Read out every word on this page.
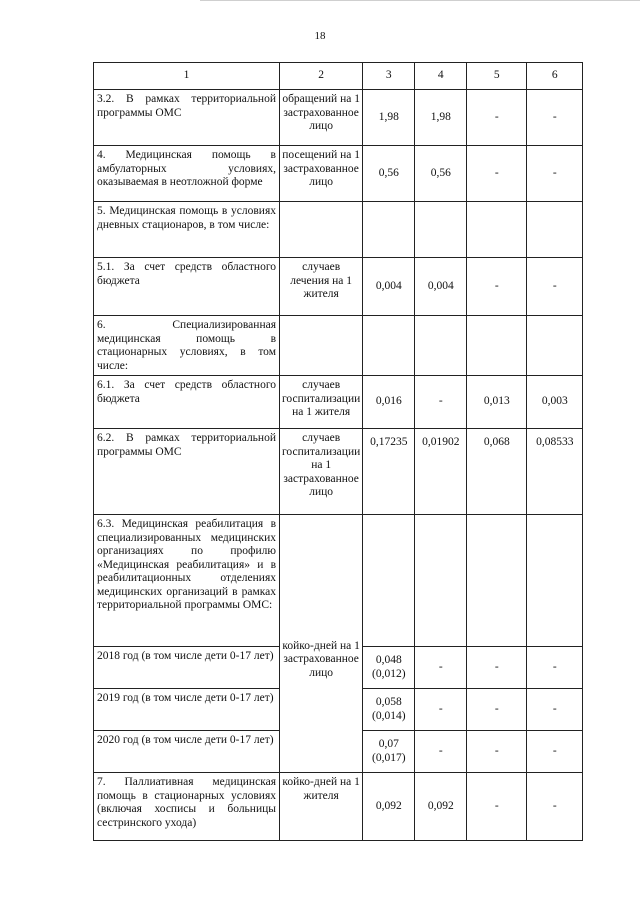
18
1	2	3	4	5	6
3.2. В рамках территориальной программы ОМС	обращений на 1 застрахованное лицо	1,98	1,98	-	-
4. Медицинская помощь в амбулаторных условиях, оказываемая в неотложной форме	посещений на 1 застрахованное лицо	0,56	0,56	-	-
5. Медицинская помощь в условиях дневных стационаров, в том числе:					
5.1. За счет средств областного бюджета	случаев лечения на 1 жителя	0,004	0,004	-	-
6. Специализированная медицинская помощь в стационарных условиях, в том числе:					
6.1. За счет средств областного бюджета	случаев госпитализации на 1 жителя	0,016	-	0,013	0,003
6.2. В рамках территориальной программы ОМС	случаев госпитализации на 1 застрахованное лицо	0,17235	0,01902	0,068	0,08533
6.3. Медицинская реабилитация в специализированных медицинских организациях по профилю «Медицинская реабилитация» и в реабилитационных отделениях медицинских организаций в рамках территориальной программы ОМС:	койко-дней на 1 застрахованное лицо				
2018 год (в том числе дети 0-17 лет)		0,048 (0,012)	-	-	-
2019 год (в том числе дети 0-17 лет)		0,058 (0,014)	-	-	-
2020 год (в том числе дети 0-17 лет)		0,07 (0,017)	-	-	-
7. Паллиативная медицинская помощь в стационарных условиях (включая хосписы и больницы сестринского ухода)	койко-дней на 1 жителя	0,092	0,092	-	-
